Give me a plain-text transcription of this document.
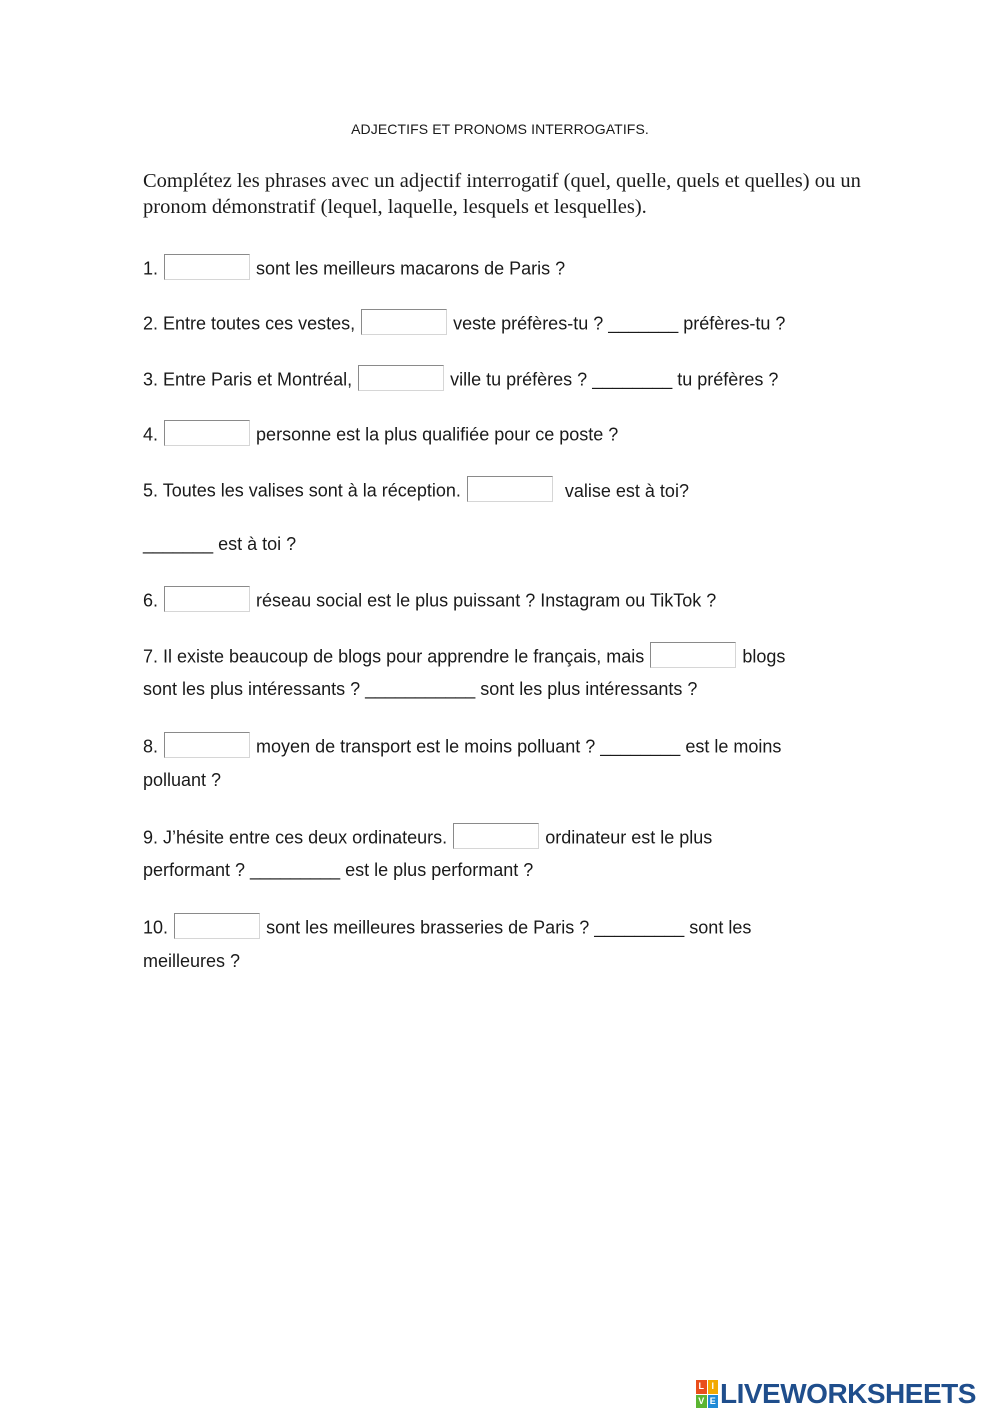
ADJECTIFS ET PRONOMS INTERROGATIFS.
Complétez les phrases avec un adjectif interrogatif (quel, quelle, quels et quelles) ou un pronom démonstratif (lequel, laquelle, lesquels et lesquelles).
1.	sont les meilleurs macarons de Paris ?
2. Entre toutes ces vestes,	veste préfères-tu ? _______ préfères-tu ?
3. Entre Paris et Montréal,	ville tu préfères ? ________ tu préfères ?
4.	personne est la plus qualifiée pour ce poste ?
5. Toutes les valises sont à la réception.	valise est à toi?
_______ est à toi ?
6.	réseau social est le plus puissant ? Instagram ou TikTok ?
7. Il existe beaucoup de blogs pour apprendre le français, mais	blogs
sont les plus intéressants ? ___________ sont les plus intéressants ?
8.	moyen de transport est le moins polluant ? ________ est le moins
polluant ?
9. J’hésite entre ces deux ordinateurs.	ordinateur est le plus
performant ? _________ est le plus performant ?
10.	sont les meilleures brasseries de Paris ? _________ sont les
meilleures ?
L I
V E LIVEWORKSHEETS
